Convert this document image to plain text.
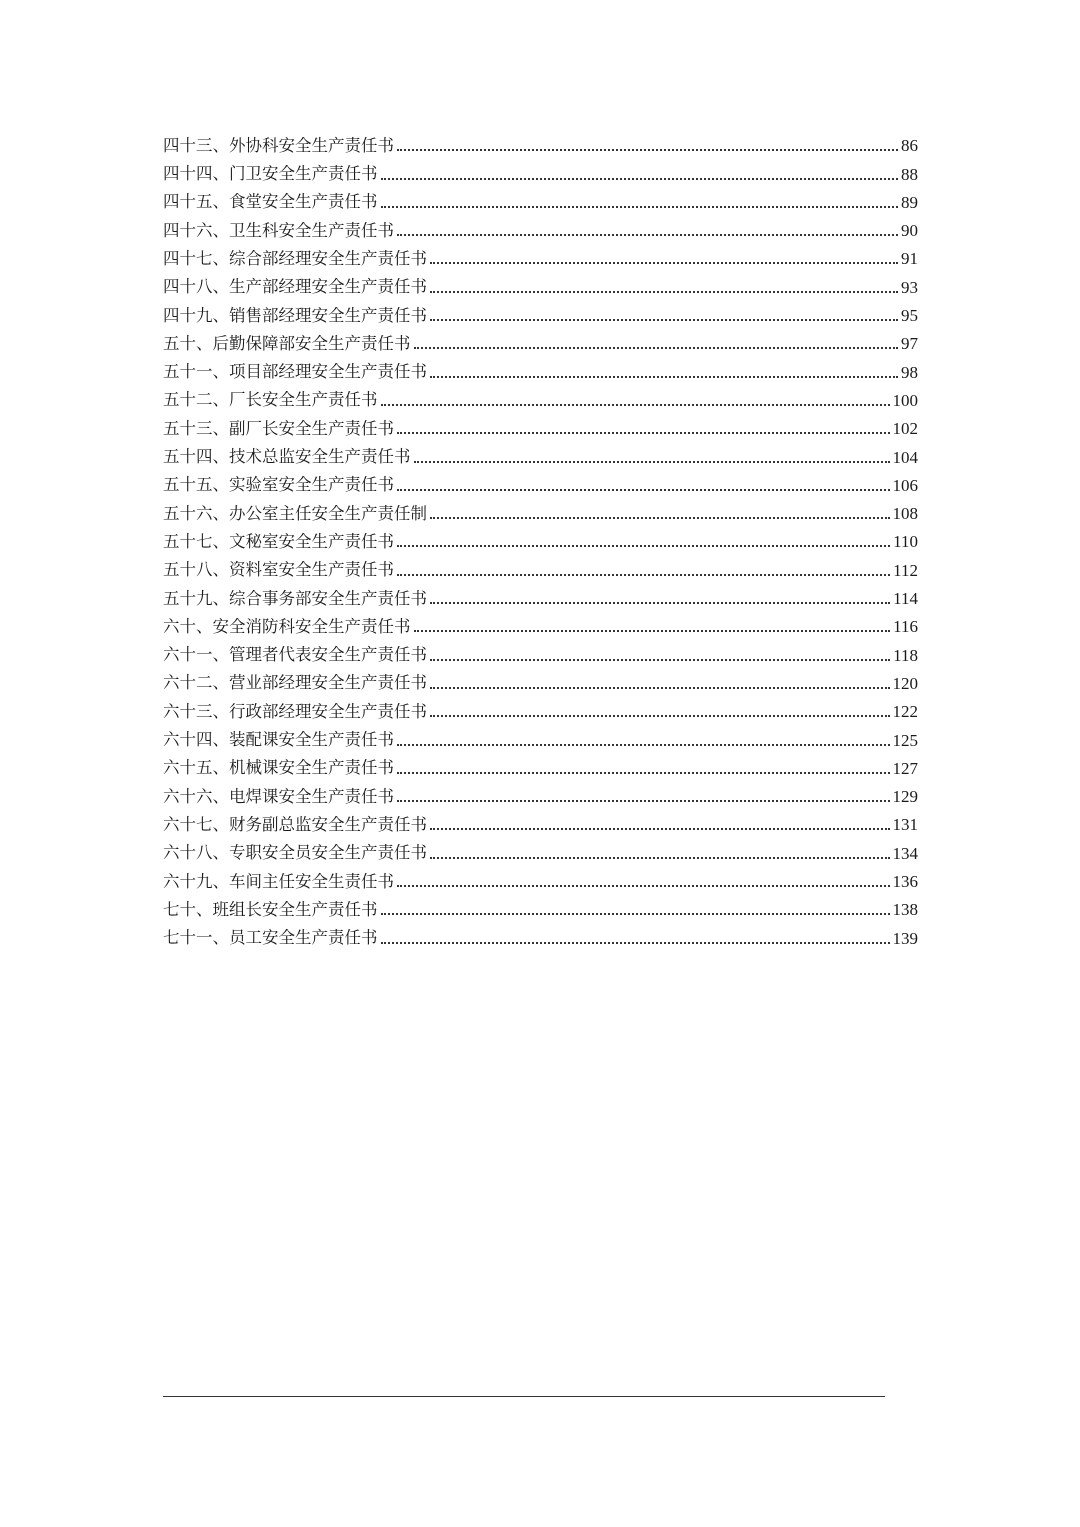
四十三、 外协科安全生产责任书	86
四十四、 门卫安全生产责任书	88
四十五、 食堂安全生产责任书	89
四十六、 卫生科安全生产责任书	90
四十七、 综合部经理安全生产责任书	91
四十八、 生产部经理安全生产责任书	93
四十九、 销售部经理安全生产责任书	95
五十、 后勤保障部安全生产责任书	97
五十一、 项目部经理安全生产责任书	98
五十二、 厂长安全生产责任书	100
五十三、 副厂长安全生产责任书	102
五十四、 技术总监安全生产责任书	104
五十五、 实验室安全生产责任书	106
五十六、 办公室主任安全生产责任制	108
五十七、 文秘室安全生产责任书	110
五十八、 资料室安全生产责任书	112
五十九、 综合事务部安全生产责任书	114
六十、 安全消防科安全生产责任书	116
六十一、 管理者代表安全生产责任书	118
六十二、 营业部经理安全生产责任书	120
六十三、 行政部经理安全生产责任书	122
六十四、 装配课安全生产责任书	125
六十五、 机械课安全生产责任书	127
六十六、 电焊课安全生产责任书	129
六十七、 财务副总监安全生产责任书	131
六十八、 专职安全员安全生产责任书	134
六十九、 车间主任安全生责任书	136
七十、 班组长安全生产责任书	138
七十一、 员工安全生产责任书	139
